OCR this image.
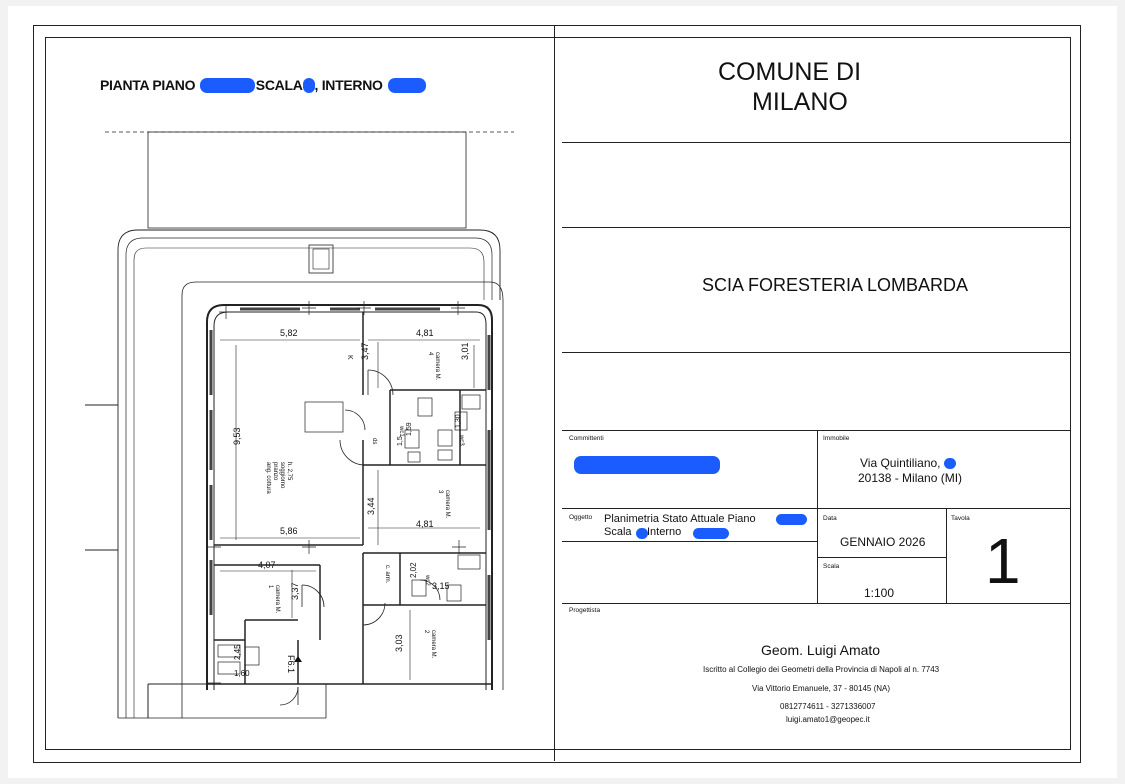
PIANTA PIANO	SCALA , INTERNO
5,82	4,81
3,47	3,01
9,53
3,44
4,81
5,86
4,07
3,37
3,03
3,15
2,02
2,45
1,59
1,60
1,30
1,5
h. 2,75
soggiorno
pranzo
ang. cottura
K
ds
camera M.
4
camera M.
3
camera M.
1
camera M.
2
c. arm.
wc1
wc2
wc3
F6.1
COMUNE DI
MILANO
SCIA FORESTERIA LOMBARDA
Committenti	Immobile
Via Quintiliano,
20138 - Milano (MI)
Oggetto Planimetria Stato Attuale Piano
Scala Interno
Data
GENNAIO 2026
Scala
1:100
Tavola
1
Progettista
Geom. Luigi Amato
Iscritto al Collegio dei Geometri della Provincia di Napoli al n. 7743
Via Vittorio Emanuele, 37 - 80145 (NA)
0812774611 - 3271336007
luigi.amato1@geopec.it
